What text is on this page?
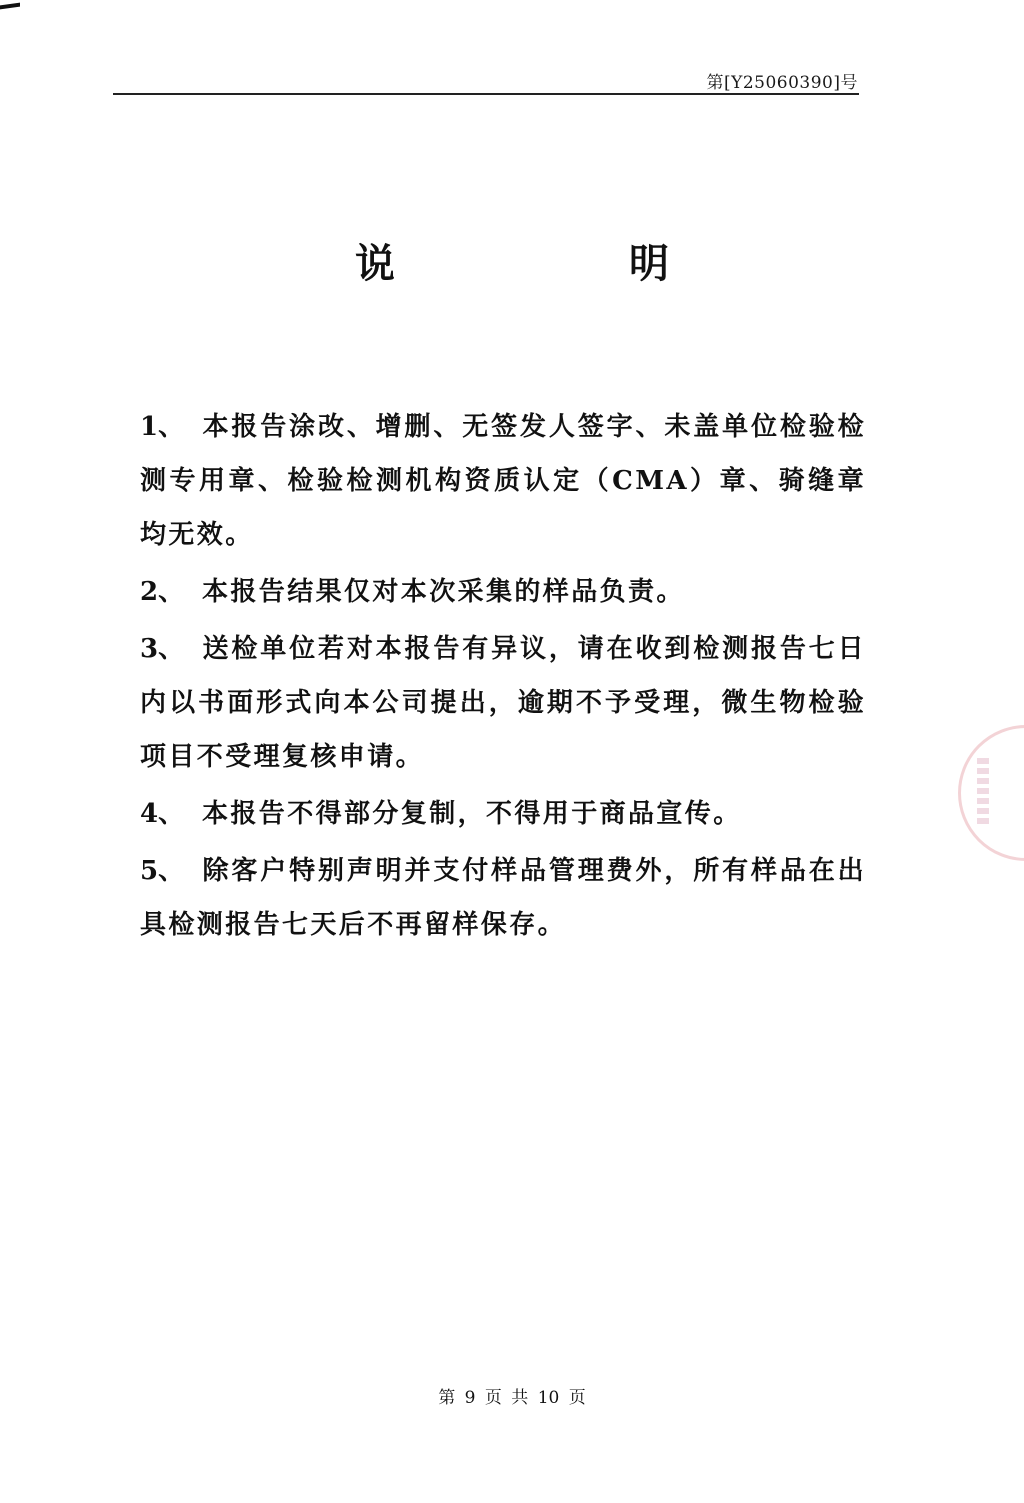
第[Y25060390]号
说 明
1、 本报告涂改、增删、无签发人签字、未盖单位检验检测专用章、检验检测机构资质认定（CMA）章、骑缝章均无效。
2、 本报告结果仅对本次采集的样品负责。
3、 送检单位若对本报告有异议，请在收到检测报告七日内以书面形式向本公司提出，逾期不予受理，微生物检验项目不受理复核申请。
4、 本报告不得部分复制，不得用于商品宣传。
5、 除客户特别声明并支付样品管理费外，所有样品在出具检测报告七天后不再留样保存。
第 9 页 共 10 页
